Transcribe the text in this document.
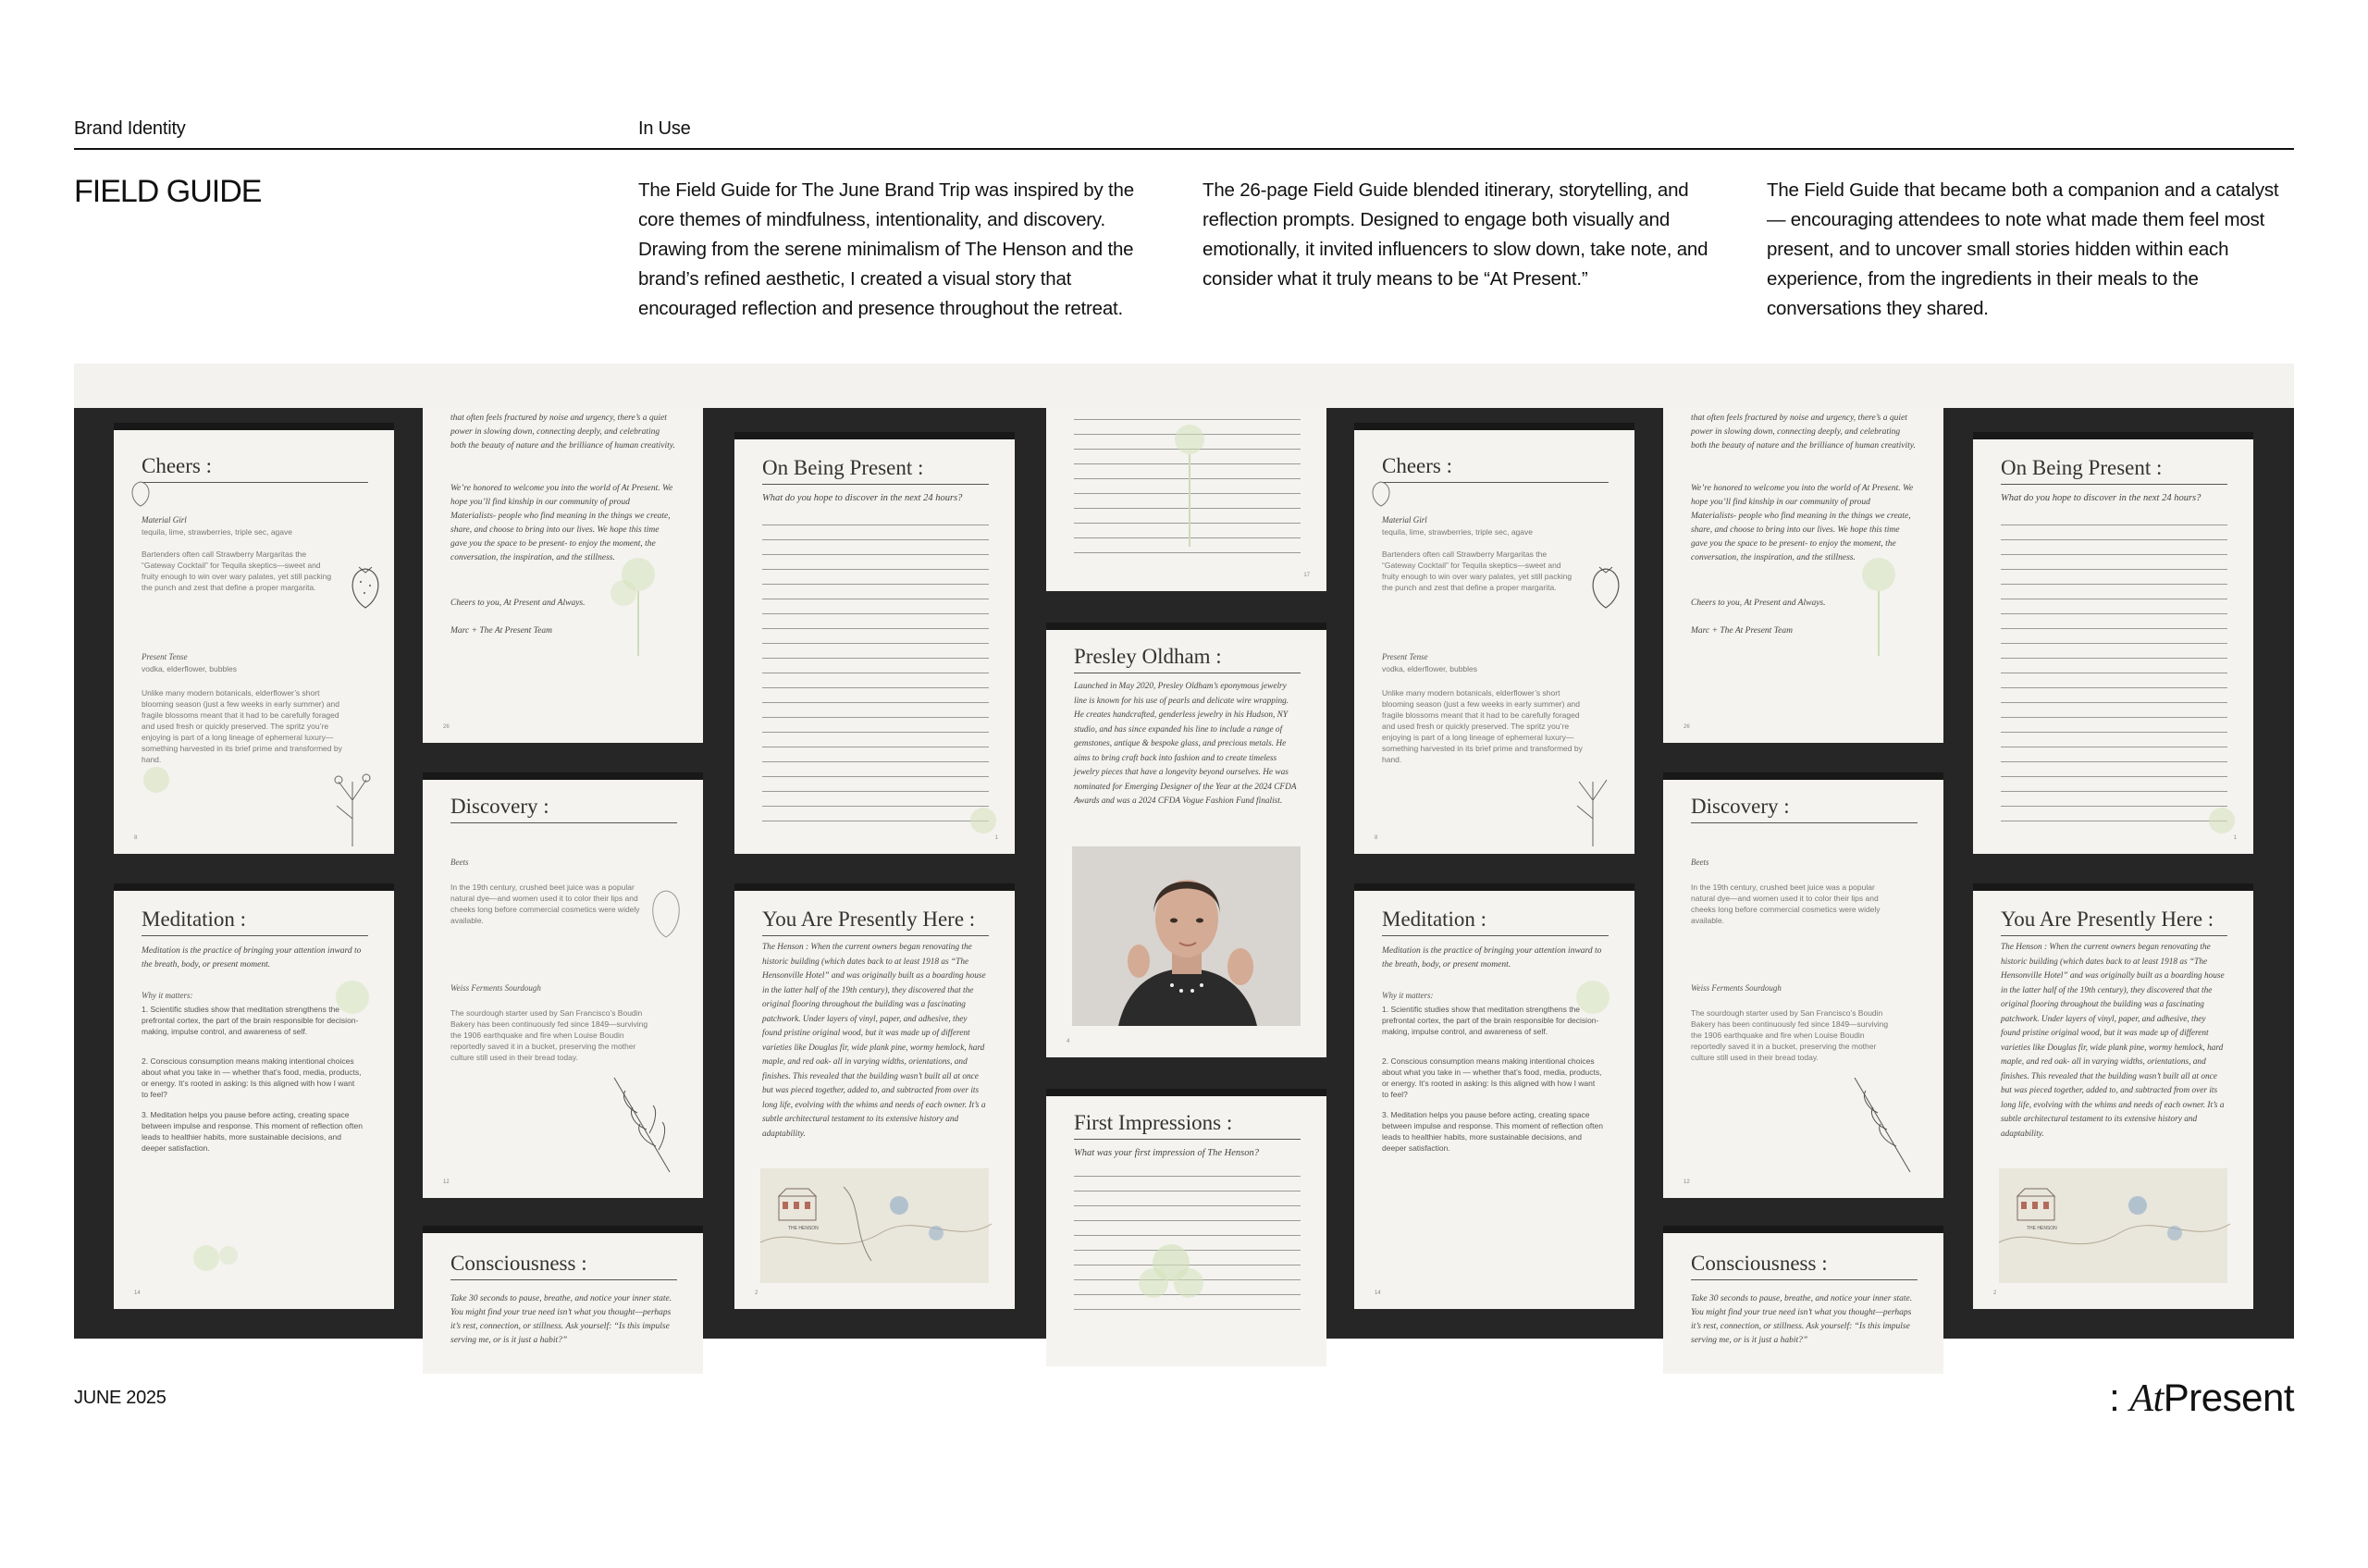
Brand Identity	In Use
FIELD GUIDE	The Field Guide for The June Brand Trip was inspired by the core themes of mindfulness, intentionality, and discovery. Drawing from the serene minimalism of The Henson and the brand’s refined aesthetic, I created a visual story that encouraged reflection and presence throughout the retreat.
The 26-page Field Guide blended itinerary, storytelling, and reflection prompts. Designed to engage both visually and emotionally, it invited influencers to slow down, take note, and consider what it truly means to be “At Present.”
The Field Guide that became both a companion and a catalyst — encouraging attendees to note what made them feel most present, and to uncover small stories hidden within each experience, from the ingredients in their meals to the conversations they shared.
Cheers :
Material Girl
tequila, lime, strawberries, triple sec, agave
Bartenders often call Strawberry Margaritas the “Gateway Cocktail” for Tequila skeptics—sweet and fruity enough to win over wary palates, yet still packing the punch and zest that define a proper margarita.
Present Tense
vodka, elderflower, bubbles
Unlike many modern botanicals, elderflower’s short blooming season (just a few weeks in early summer) and fragile blossoms meant that it had to be carefully foraged and used fresh or quickly preserved. The spritz you’re enjoying is part of a long lineage of ephemeral luxury—something harvested in its brief prime and transformed by hand.
8
that often feels fractured by noise and urgency, there’s a quiet power in slowing down, connecting deeply, and celebrating both the beauty of nature and the brilliance of human creativity.
We’re honored to welcome you into the world of At Present. We hope you’ll find kinship in our community of proud Materialists- people who find meaning in the things we create, share, and choose to bring into our lives. We hope this time gave you the space to be present- to enjoy the moment, the conversation, the inspiration, and the stillness.
Cheers to you, At Present and Always.
Marc + The At Present Team
26
Discovery :
Beets
In the 19th century, crushed beet juice was a popular natural dye—and women used it to color their lips and cheeks long before commercial cosmetics were widely available.
Weiss Ferments Sourdough
The sourdough starter used by San Francisco’s Boudin Bakery has been continuously fed since 1849—surviving the 1906 earthquake and fire when Louise Boudin reportedly saved it in a bucket, preserving the mother culture still used in their bread today.
12
Consciousness :
Take 30 seconds to pause, breathe, and notice your inner state. You might find your true need isn’t what you thought—perhaps it’s rest, connection, or stillness. Ask yourself: “Is this impulse serving me, or is it just a habit?”
Meditation :
Meditation is the practice of bringing your attention inward to the breath, body, or present moment.
Why it matters:
1. Scientific studies show that meditation strengthens the prefrontal cortex, the part of the brain responsible for decision-making, impulse control, and awareness of self.
2. Conscious consumption means making intentional choices about what you take in — whether that’s food, media, products, or energy. It’s rooted in asking: Is this aligned with how I want to feel?
3. Meditation helps you pause before acting, creating space between impulse and response. This moment of reflection often leads to healthier habits, more sustainable decisions, and deeper satisfaction.
14
On Being Present :
What do you hope to discover in the next 24 hours?
1
You Are Presently Here :
The Henson : When the current owners began renovating the historic building (which dates back to at least 1918 as “The Hensonville Hotel” and was originally built as a boarding house in the latter half of the 19th century), they discovered that the original flooring throughout the building was a fascinating patchwork. Under layers of vinyl, paper, and adhesive, they found pristine original wood, but it was made up of different varieties like Douglas fir, wide plank pine, wormy hemlock, hard maple, and red oak- all in varying widths, orientations, and finishes. This revealed that the building wasn’t built all at once but was pieced together, added to, and subtracted from over its long life, evolving with the whims and needs of each owner. It’s a subtle architectural testament to its extensive history and adaptability.
THE HENSON
2
17
Presley Oldham :
Launched in May 2020, Presley Oldham’s eponymous jewelry line is known for his use of pearls and delicate wire wrapping. He creates handcrafted, genderless jewelry in his Hudson, NY studio, and has since expanded his line to include a range of gemstones, antique & bespoke glass, and precious metals. He aims to bring craft back into fashion and to create timeless jewelry pieces that have a longevity beyond ourselves. He was nominated for Emerging Designer of the Year at the 2024 CFDA Awards and was a 2024 CFDA Vogue Fashion Fund finalist.
4
First Impressions :
What was your first impression of The Henson?
Cheers :
Material Girl
tequila, lime, strawberries, triple sec, agave
Bartenders often call Strawberry Margaritas the “Gateway Cocktail” for Tequila skeptics—sweet and fruity enough to win over wary palates, yet still packing the punch and zest that define a proper margarita.
Present Tense
vodka, elderflower, bubbles
Unlike many modern botanicals, elderflower’s short blooming season (just a few weeks in early summer) and fragile blossoms meant that it had to be carefully foraged and used fresh or quickly preserved. The spritz you’re enjoying is part of a long lineage of ephemeral luxury—something harvested in its brief prime and transformed by hand.
8
that often feels fractured by noise and urgency, there’s a quiet power in slowing down, connecting deeply, and celebrating both the beauty of nature and the brilliance of human creativity.
We’re honored to welcome you into the world of At Present. We hope you’ll find kinship in our community of proud Materialists- people who find meaning in the things we create, share, and choose to bring into our lives. We hope this time gave you the space to be present- to enjoy the moment, the conversation, the inspiration, and the stillness.
Cheers to you, At Present and Always.
Marc + The At Present Team
26
Discovery :
Beets
In the 19th century, crushed beet juice was a popular natural dye—and women used it to color their lips and cheeks long before commercial cosmetics were widely available.
Weiss Ferments Sourdough
The sourdough starter used by San Francisco’s Boudin Bakery has been continuously fed since 1849—surviving the 1906 earthquake and fire when Louise Boudin reportedly saved it in a bucket, preserving the mother culture still used in their bread today.
12
Consciousness :
Take 30 seconds to pause, breathe, and notice your inner state. You might find your true need isn’t what you thought—perhaps it’s rest, connection, or stillness. Ask yourself: “Is this impulse serving me, or is it just a habit?”
Meditation :
Meditation is the practice of bringing your attention inward to the breath, body, or present moment.
Why it matters:
1. Scientific studies show that meditation strengthens the prefrontal cortex, the part of the brain responsible for decision-making, impulse control, and awareness of self.
2. Conscious consumption means making intentional choices about what you take in — whether that’s food, media, products, or energy. It’s rooted in asking: Is this aligned with how I want to feel?
3. Meditation helps you pause before acting, creating space between impulse and response. This moment of reflection often leads to healthier habits, more sustainable decisions, and deeper satisfaction.
14
On Being Present :
What do you hope to discover in the next 24 hours?
1
You Are Presently Here :
The Henson : When the current owners began renovating the historic building (which dates back to at least 1918 as “The Hensonville Hotel” and was originally built as a boarding house in the latter half of the 19th century), they discovered that the original flooring throughout the building was a fascinating patchwork. Under layers of vinyl, paper, and adhesive, they found pristine original wood, but it was made up of different varieties like Douglas fir, wide plank pine, wormy hemlock, hard maple, and red oak- all in varying widths, orientations, and finishes. This revealed that the building wasn’t built all at once but was pieced together, added to, and subtracted from over its long life, evolving with the whims and needs of each owner. It’s a subtle architectural testament to its extensive history and adaptability.
THE HENSON
2
JUNE 2025	: AtPresent
